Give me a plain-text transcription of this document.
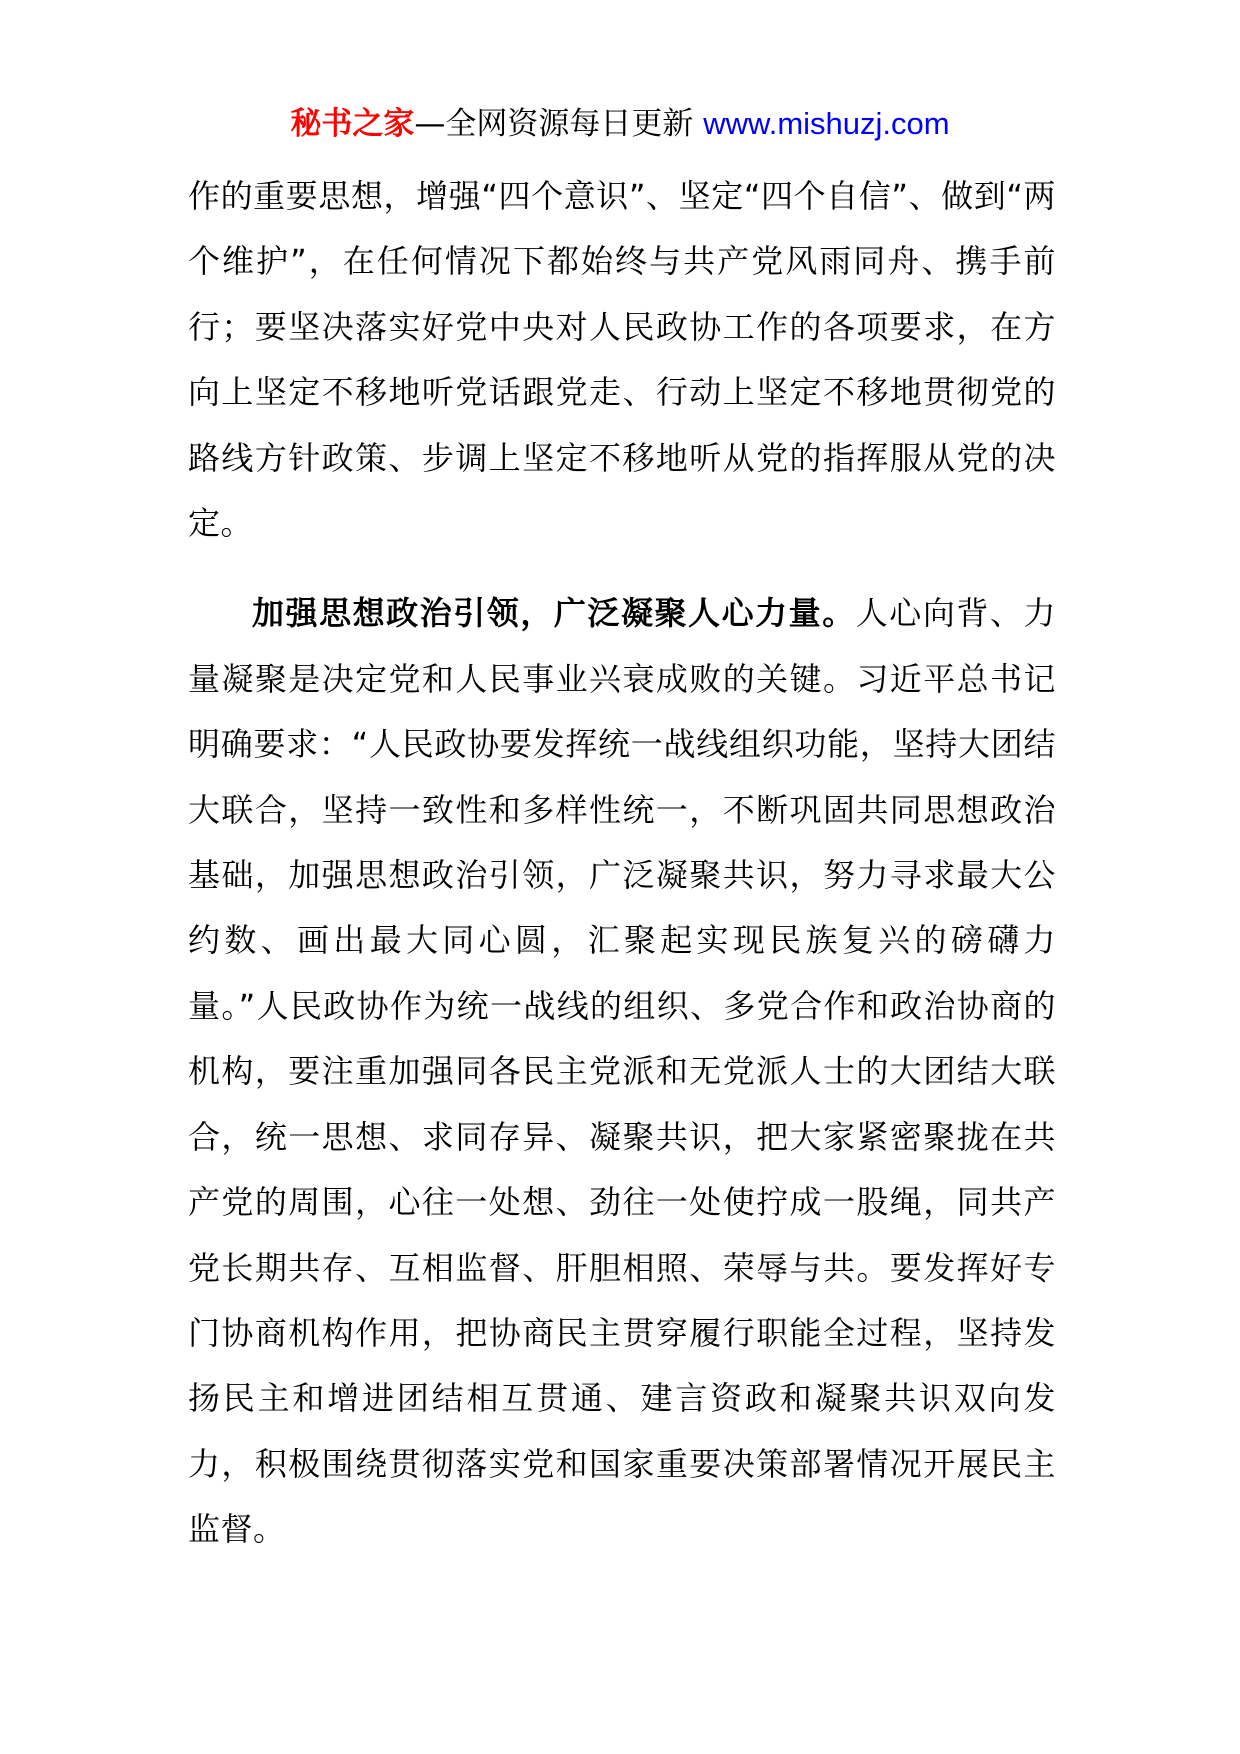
秘书之家—全网资源每日更新 www.mishuzj.com

作的重要思想，增强“四个意识”、坚定“四个自信”、做到“两个维护”，在任何情况下都始终与共产党风雨同舟、携手前行；要坚决落实好党中央对人民政协工作的各项要求，在方向上坚定不移地听党话跟党走、行动上坚定不移地贯彻党的路线方针政策、步调上坚定不移地听从党的指挥服从党的决定。

加强思想政治引领，广泛凝聚人心力量。人心向背、力量凝聚是决定党和人民事业兴衰成败的关键。习近平总书记明确要求：“人民政协要发挥统一战线组织功能，坚持大团结大联合，坚持一致性和多样性统一，不断巩固共同思想政治基础，加强思想政治引领，广泛凝聚共识，努力寻求最大公约数、画出最大同心圆，汇聚起实现民族复兴的磅礴力量。”人民政协作为统一战线的组织、多党合作和政治协商的机构，要注重加强同各民主党派和无党派人士的大团结大联合，统一思想、求同存异、凝聚共识，把大家紧密聚拢在共产党的周围，心往一处想、劲往一处使拧成一股绳，同共产党长期共存、互相监督、肝胆相照、荣辱与共。要发挥好专门协商机构作用，把协商民主贯穿履行职能全过程，坚持发扬民主和增进团结相互贯通、建言资政和凝聚共识双向发力，积极围绕贯彻落实党和国家重要决策部署情况开展民主监督。
